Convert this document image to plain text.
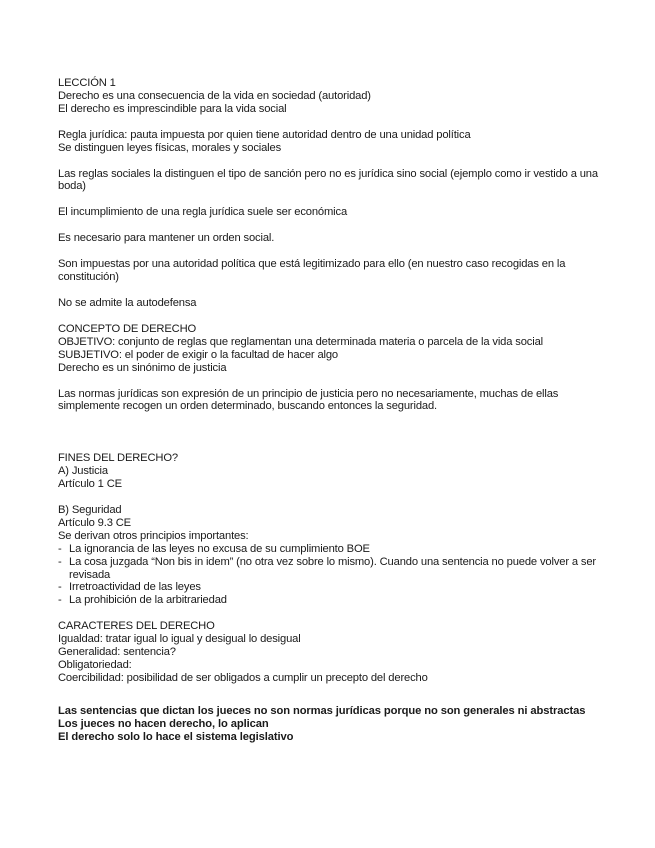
LECCIÓN 1

Derecho es una consecuencia de la vida en sociedad (autoridad)

El derecho es imprescindible para la vida social

Regla jurídica: pauta impuesta por quien tiene autoridad dentro de una unidad política

Se distinguen leyes físicas, morales y sociales

Las reglas sociales la distinguen el tipo de sanción pero no es jurídica sino social (ejemplo como ir vestido a una boda)

El incumplimiento de una regla jurídica suele ser económica

Es necesario para mantener un orden social.

Son impuestas por una autoridad política que está legitimizado para ello (en nuestro caso recogidas en la constitución)

No se admite la autodefensa

CONCEPTO DE DERECHO

OBJETIVO: conjunto de reglas que reglamentan una determinada materia o parcela de la vida social

SUBJETIVO: el poder de exigir o la facultad de hacer algo

Derecho es un sinónimo de justicia

Las normas jurídicas son expresión de un principio de justicia pero no necesariamente, muchas de ellas simplemente recogen un orden determinado, buscando entonces la seguridad.

FINES DEL DERECHO?

A) Justicia

Artículo 1 CE

B) Seguridad

Artículo 9.3 CE

Se derivan otros principios importantes:

- La ignorancia de las leyes no excusa de su cumplimiento BOE
- La cosa juzgada “Non bis in idem” (no otra vez sobre lo mismo). Cuando una sentencia no puede volver a ser revisada
- Irretroactividad de las leyes
- La prohibición de la arbitrariedad

CARACTERES DEL DERECHO

Igualdad: tratar igual lo igual y desigual lo desigual

Generalidad: sentencia?

Obligatoriedad:

Coercibilidad: posibilidad de ser obligados a cumplir un precepto del derecho

Las sentencias que dictan los jueces no son normas jurídicas porque no son generales ni abstractas

Los jueces no hacen derecho, lo aplican

El derecho solo lo hace el sistema legislativo
